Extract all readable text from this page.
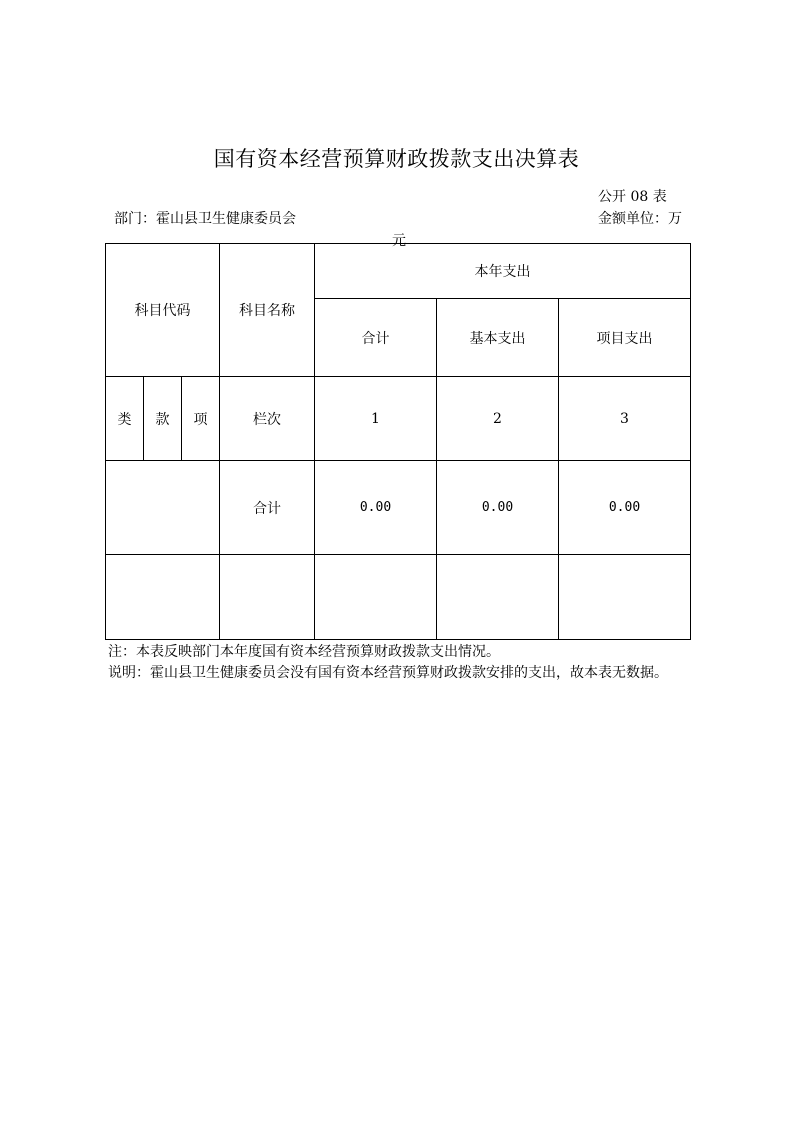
国有资本经营预算财政拨款支出决算表
公开 08 表
部门：霍山县卫生健康委员会	金额单位：万
元
科目代码			科目名称	本年支出		
				合计	基本支出	项目支出
类	款	项	栏次	1	2	3
			合计	0.00	0.00	0.00

注：本表反映部门本年度国有资本经营预算财政拨款支出情况。
说明：霍山县卫生健康委员会没有国有资本经营预算财政拨款安排的支出，故本表无数据。
